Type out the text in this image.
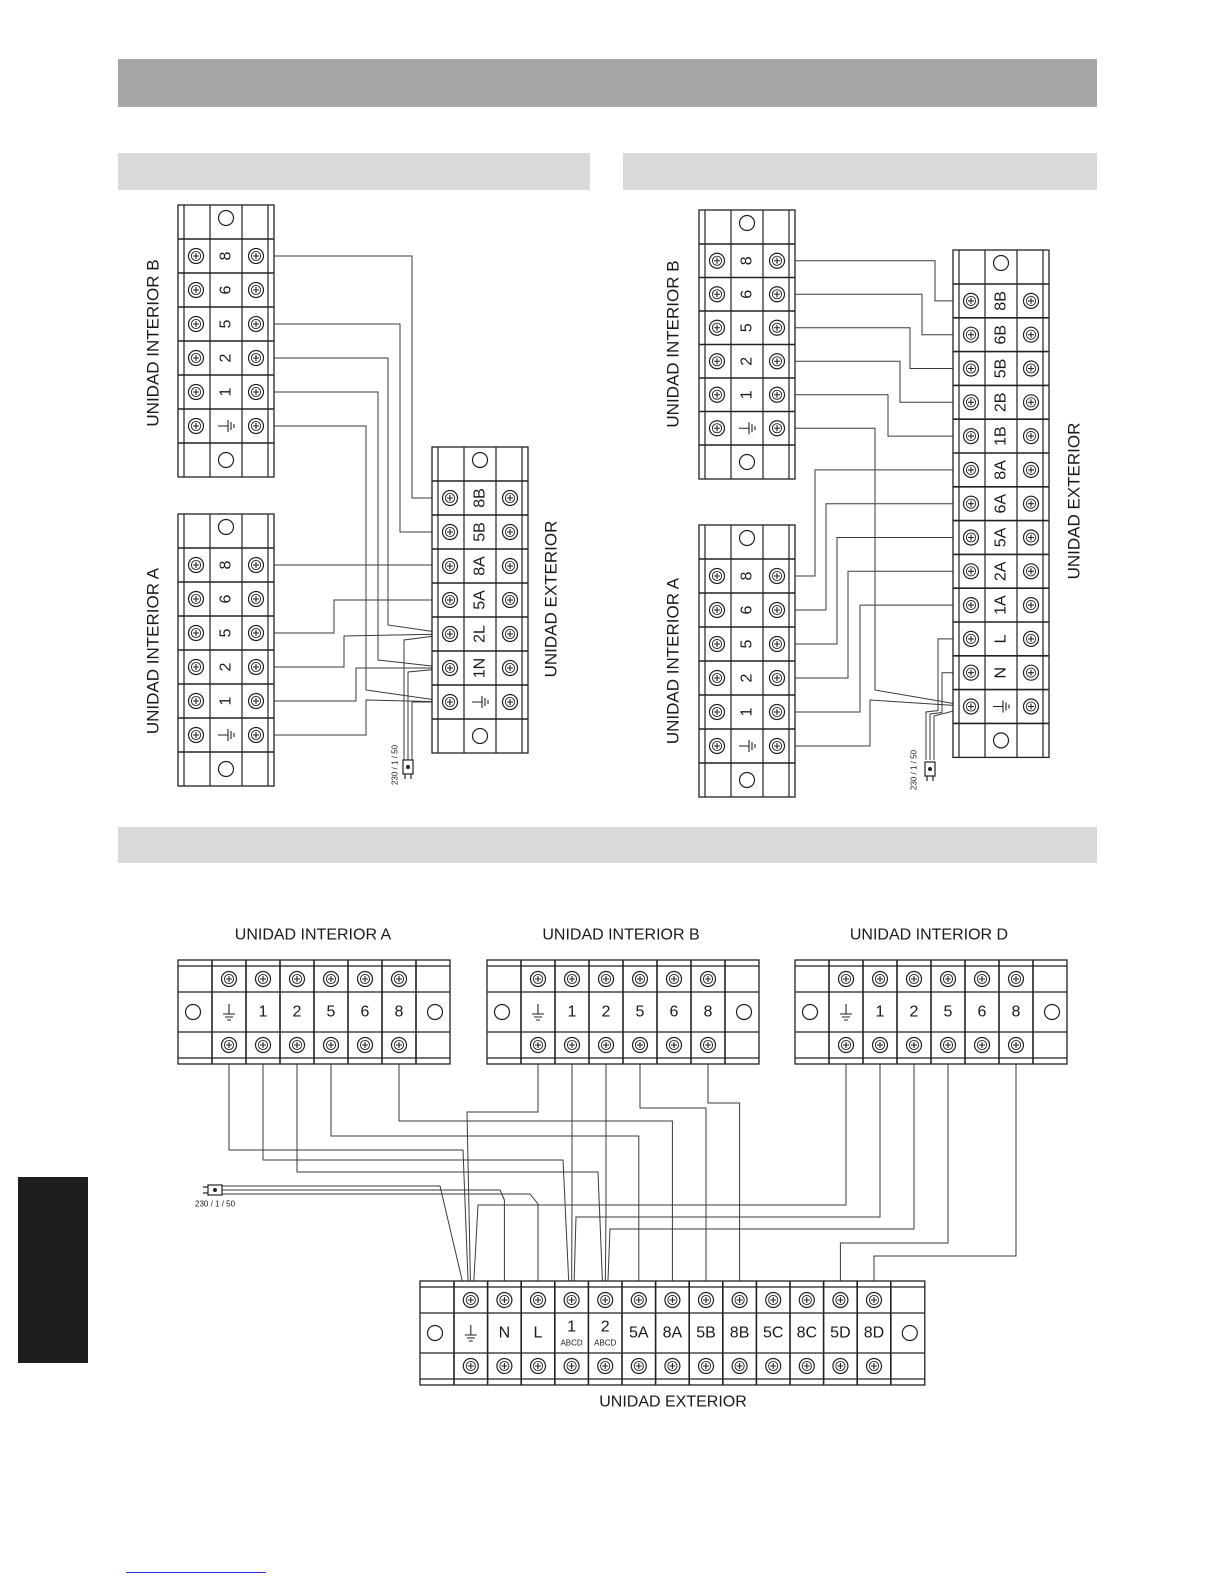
8
6
5
2
1
8
6
5
2
1
8B
5B
8A
5A
2L
1N
UNIDAD INTERIOR B
UNIDAD INTERIOR A	UNIDAD EXTERIOR
230 / 1 / 50
8
6
5
2
1
8
6
5
2
1
8B
6B
5B
2B
1B
8A
6A
5A
2A
1A
L
N
UNIDAD INTERIOR B
UNIDAD INTERIOR A
UNIDAD EXTERIOR
230 / 1 / 50
1 2 5 6 8	1 2 5 6 8	1 2 5 6 8
N L 1
ABCD
2
ABCD
5A 8A 5B 8B 5C 8C 5D 8D
UNIDAD INTERIOR A	UNIDAD INTERIOR B	UNIDAD INTERIOR D
UNIDAD EXTERIOR
230 / 1 / 50
